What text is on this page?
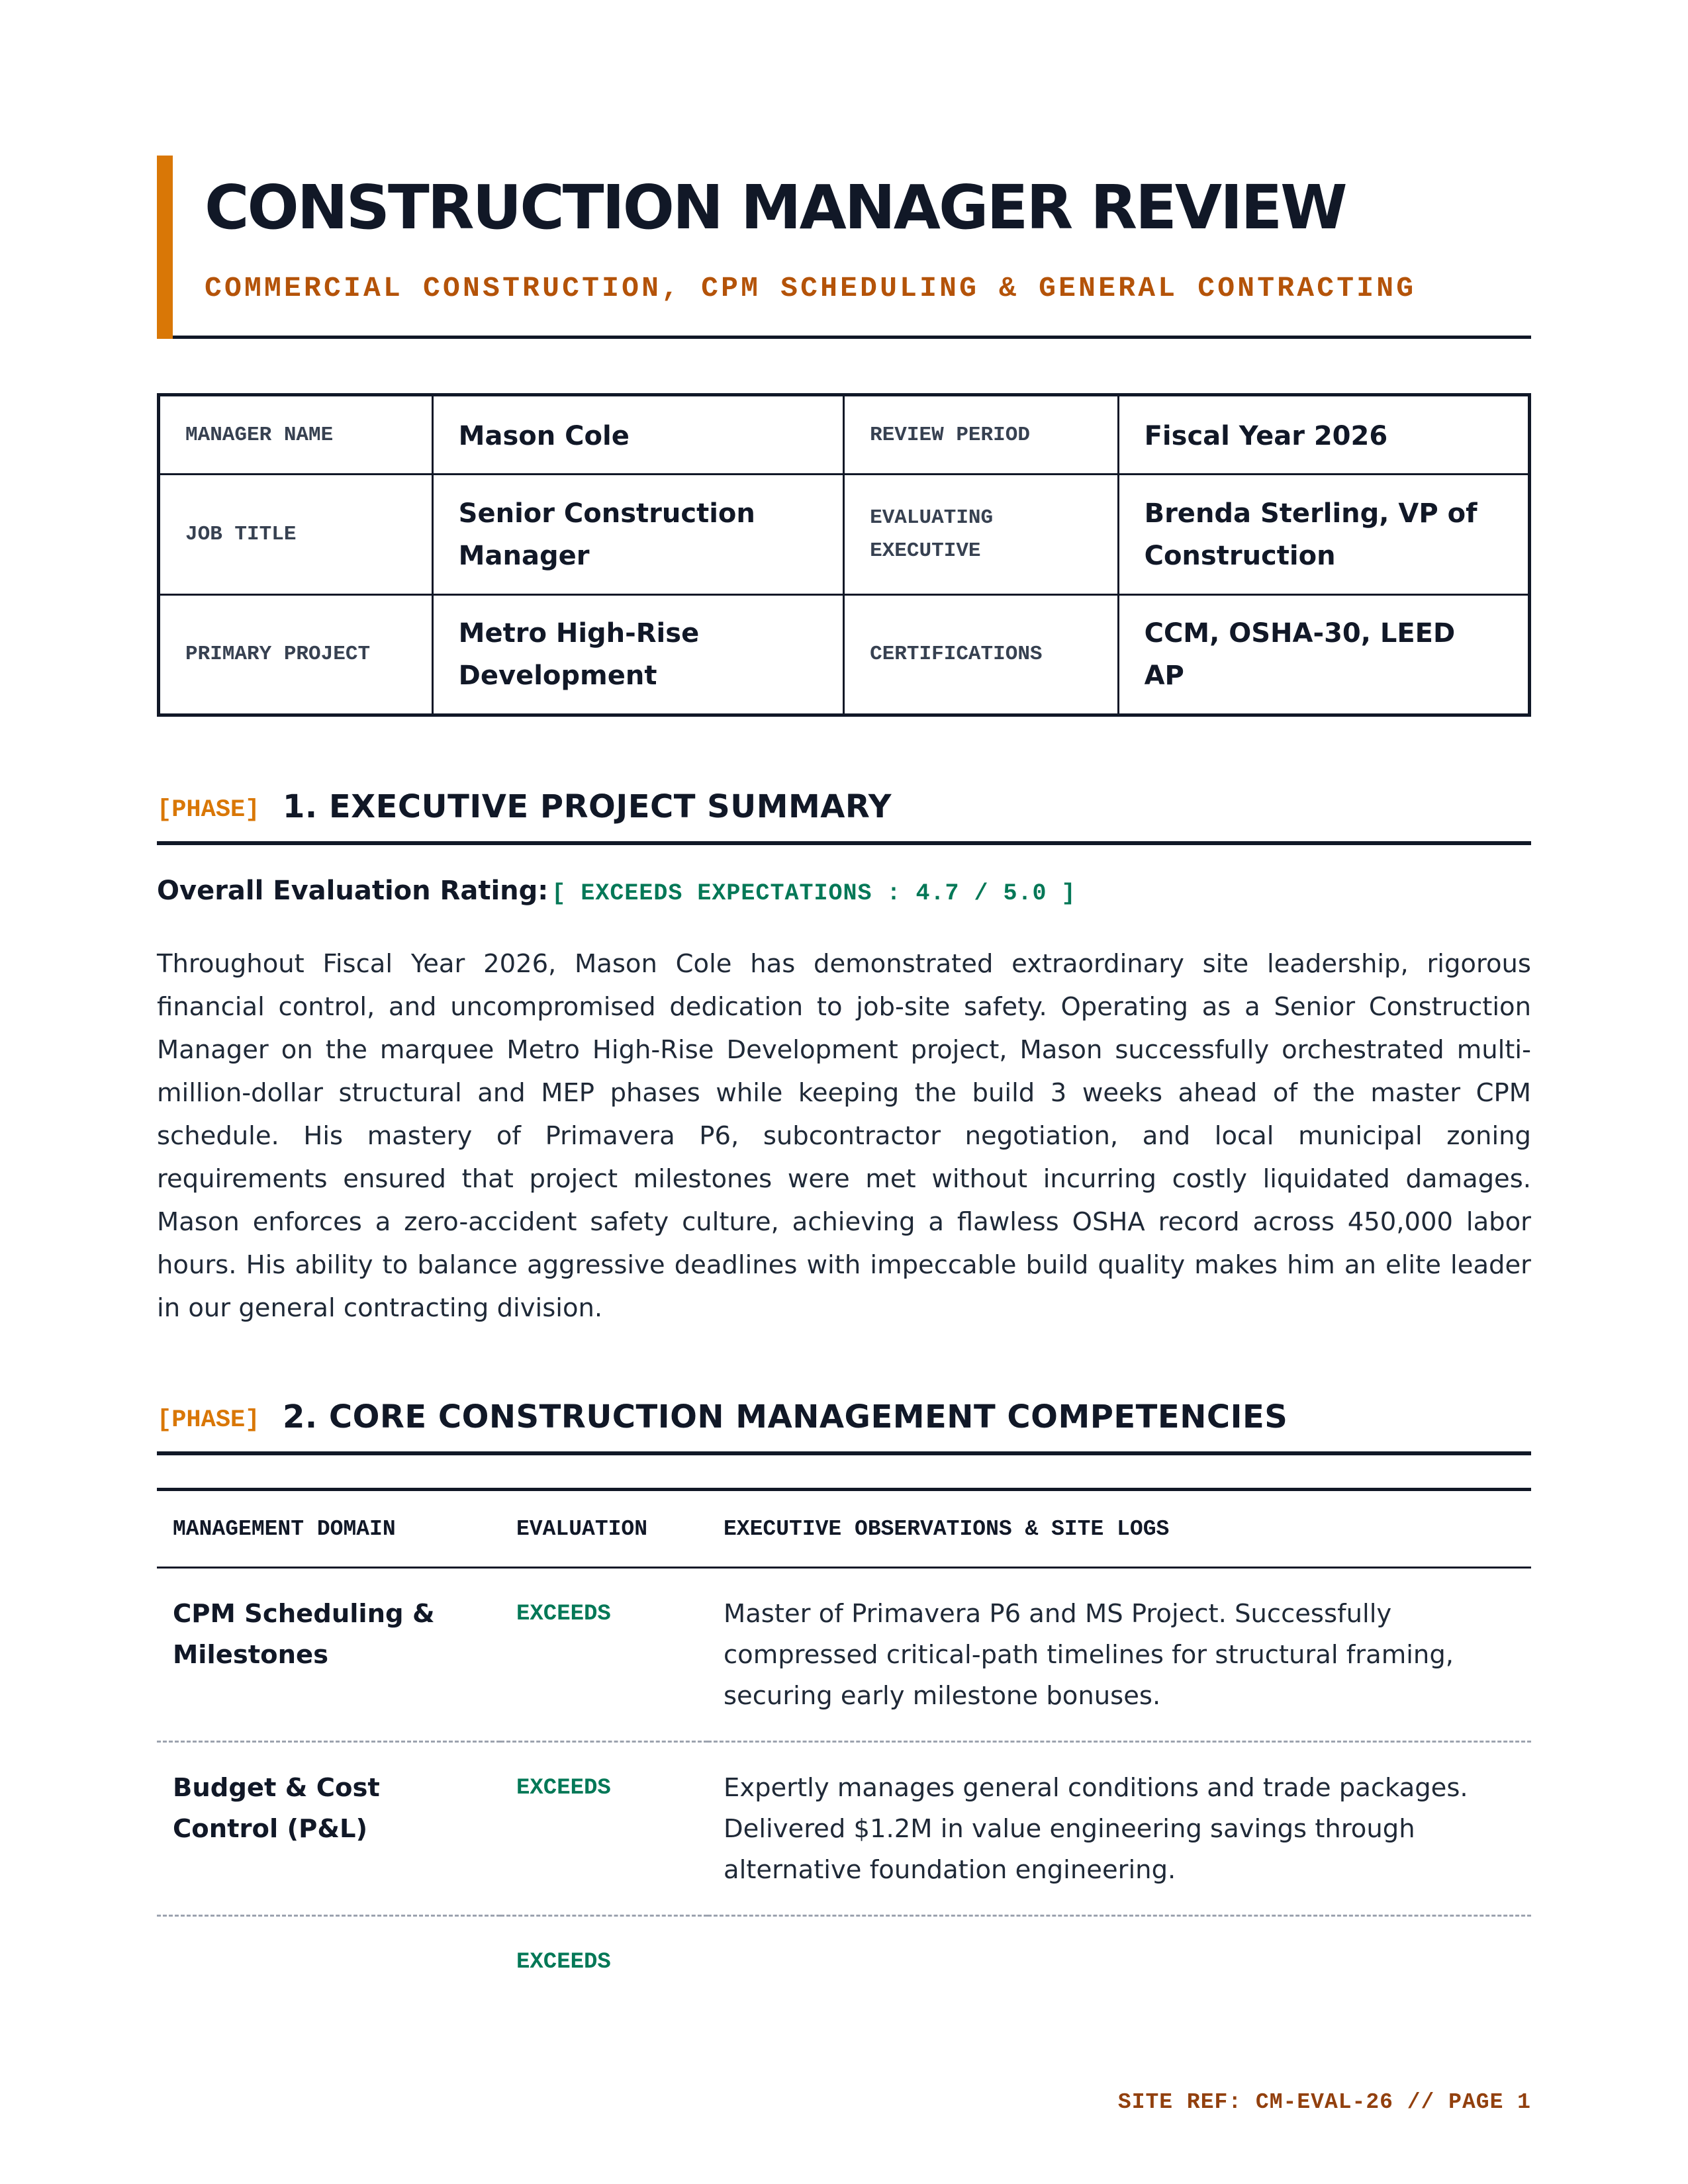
CONSTRUCTION MANAGER REVIEW
COMMERCIAL CONSTRUCTION, CPM SCHEDULING & GENERAL CONTRACTING
MANAGER NAME	Mason Cole	REVIEW PERIOD	Fiscal Year 2026
JOB TITLE	Senior Construction Manager	EVALUATING EXECUTIVE	Brenda Sterling, VP of Construction
PRIMARY PROJECT	Metro High-Rise Development	CERTIFICATIONS	CCM, OSHA-30, LEED AP
[PHASE] 1. EXECUTIVE PROJECT SUMMARY
Overall Evaluation Rating: [ EXCEEDS EXPECTATIONS : 4.7 / 5.0 ]

Throughout Fiscal Year 2026, Mason Cole has demonstrated extraordinary site leadership, rigorous financial control, and uncompromised dedication to job-site safety. Operating as a Senior Construction Manager on the marquee Metro High-Rise Development project, Mason successfully orchestrated multi-million-dollar structural and MEP phases while keeping the build 3 weeks ahead of the master CPM schedule. His mastery of Primavera P6, subcontractor negotiation, and local municipal zoning requirements ensured that project milestones were met without incurring costly liquidated damages. Mason enforces a zero-accident safety culture, achieving a flawless OSHA record across 450,000 labor hours. His ability to balance aggressive deadlines with impeccable build quality makes him an elite leader in our general contracting division.

[PHASE] 2. CORE CONSTRUCTION MANAGEMENT COMPETENCIES
MANAGEMENT DOMAIN	EVALUATION	EXECUTIVE OBSERVATIONS & SITE LOGS
CPM Scheduling & Milestones	EXCEEDS	Master of Primavera P6 and MS Project. Successfully compressed critical-path timelines for structural framing, securing early milestone bonuses.
Budget & Cost Control (P&L)	EXCEEDS	Expertly manages general conditions and trade packages. Delivered $1.2M in value engineering savings through alternative foundation engineering.
	EXCEEDS	
SITE REF: CM-EVAL-26 // PAGE 1
